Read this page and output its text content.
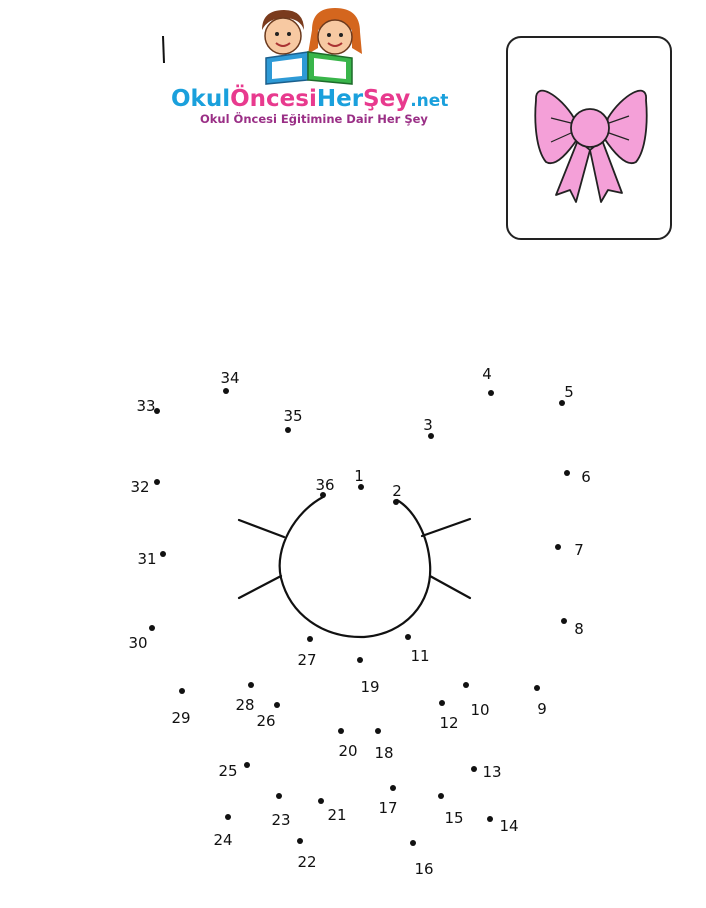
OkulÖncesiHerŞey.net
Okul Öncesi Eğitimine Dair Her Şey
1
2
3
4
5
6
7
8
9
10
11
12
13
14
15
16
17
18
19
20
21
22
23
24
25
26
27
28
29
30
31
32
33
34
35
36
